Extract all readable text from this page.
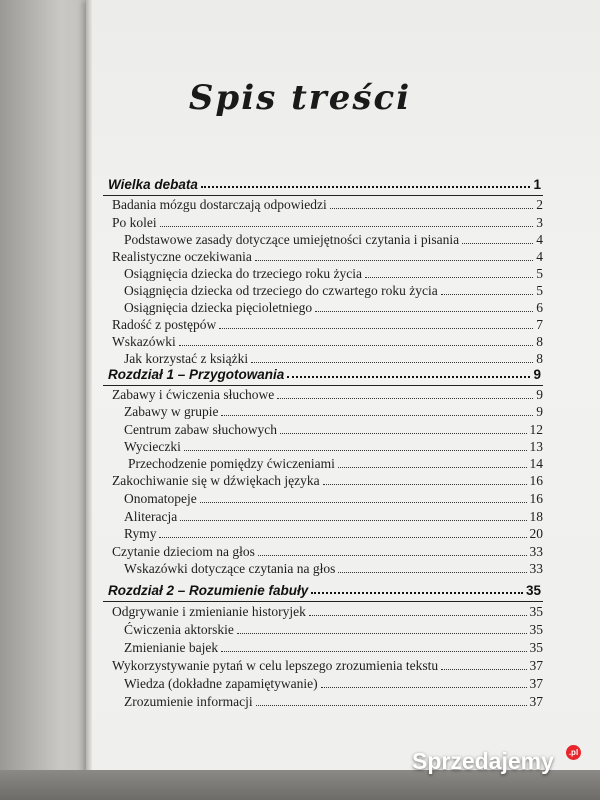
Spis treści
Wielka debata	1
Badania mózgu dostarczają odpowiedzi	2
Po kolei	3
Podstawowe zasady dotyczące umiejętności czytania i pisania	4
Realistyczne oczekiwania	4
Osiągnięcia dziecka do trzeciego roku życia	5
Osiągnięcia dziecka od trzeciego do czwartego roku życia	5
Osiągnięcia dziecka pięcioletniego	6
Radość z postępów	7
Wskazówki	8
Jak korzystać z książki	8
Rozdział 1 – Przygotowania	9
Zabawy i ćwiczenia słuchowe	9
Zabawy w grupie	9
Centrum zabaw słuchowych	12
Wycieczki	13
Przechodzenie pomiędzy ćwiczeniami	14
Zakochiwanie się w dźwiękach języka	16
Onomatopeje	16
Aliteracja	18
Rymy	20
Czytanie dzieciom na głos	33
Wskazówki dotyczące czytania na głos	33
Rozdział 2 – Rozumienie fabuły	35
Odgrywanie i zmienianie historyjek	35
Ćwiczenia aktorskie	35
Zmienianie bajek	35
Wykorzystywanie pytań w celu lepszego zrozumienia tekstu	37
Wiedza (dokładne zapamiętywanie)	37
Zrozumienie informacji	37
Sprzedajemy	.pl
